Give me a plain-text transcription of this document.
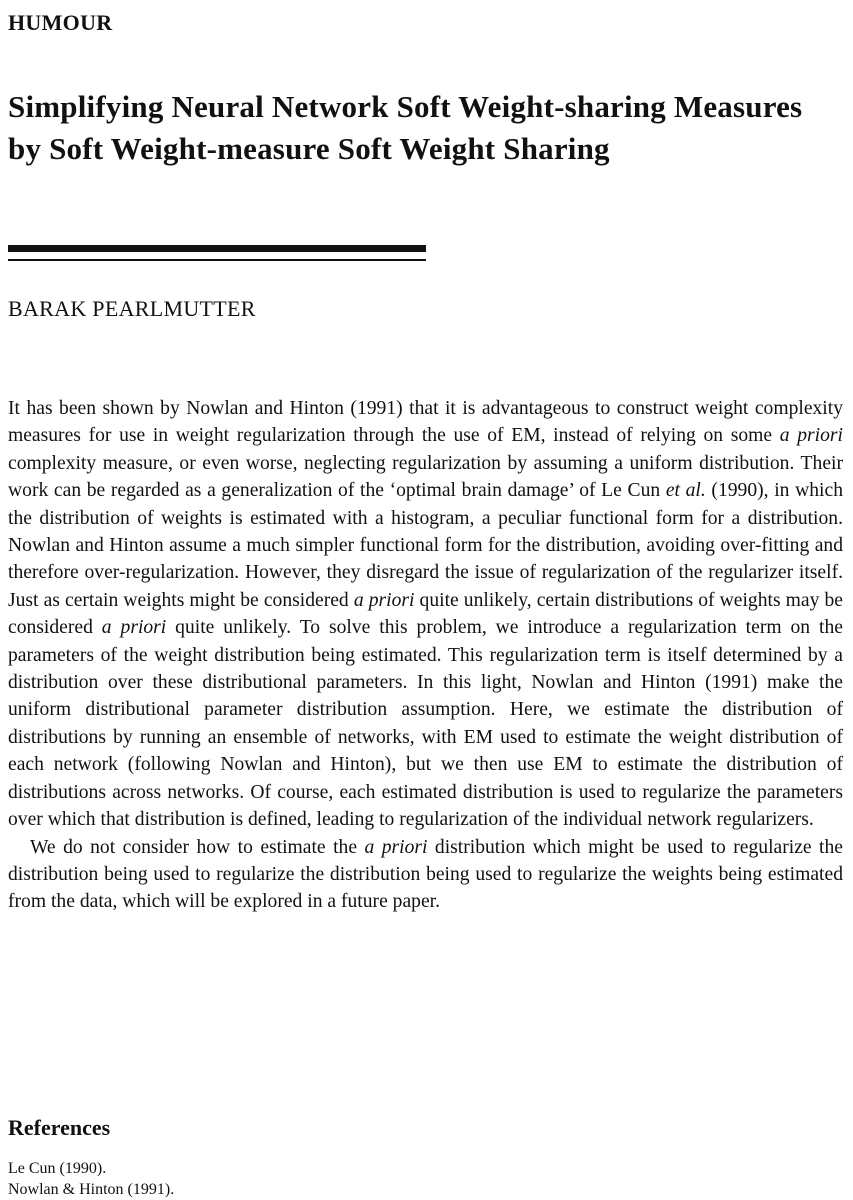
HUMOUR
Simplifying Neural Network Soft Weight-sharing Measures by Soft Weight-measure Soft Weight Sharing
BARAK PEARLMUTTER

It has been shown by Nowlan and Hinton (1991) that it is advantageous to construct weight complexity measures for use in weight regularization through the use of EM, instead of relying on some a priori complexity measure, or even worse, neglecting regularization by assuming a uniform distribution. Their work can be regarded as a generalization of the ‘optimal brain damage’ of Le Cun et al. (1990), in which the distribution of weights is estimated with a histogram, a peculiar functional form for a distribution. Nowlan and Hinton assume a much simpler functional form for the distribution, avoiding over-fitting and therefore over-regularization. However, they disregard the issue of regularization of the regularizer itself. Just as certain weights might be considered a priori quite unlikely, certain distributions of weights may be considered a priori quite unlikely. To solve this problem, we introduce a regularization term on the parameters of the weight distribution being estimated. This regularization term is itself determined by a distribution over these distributional parameters. In this light, Nowlan and Hinton (1991) make the uniform distributional parameter distribution assumption. Here, we estimate the distribution of distributions by running an ensemble of networks, with EM used to estimate the weight distribution of each network (following Nowlan and Hinton), but we then use EM to estimate the distribution of distributions across networks. Of course, each estimated distribution is used to regularize the parameters over which that distribution is defined, leading to regularization of the individual network regularizers.

We do not consider how to estimate the a priori distribution which might be used to regularize the distribution being used to regularize the distribution being used to regularize the weights being estimated from the data, which will be explored in a future paper.

References
Le Cun (1990).
Nowlan & Hinton (1991).
